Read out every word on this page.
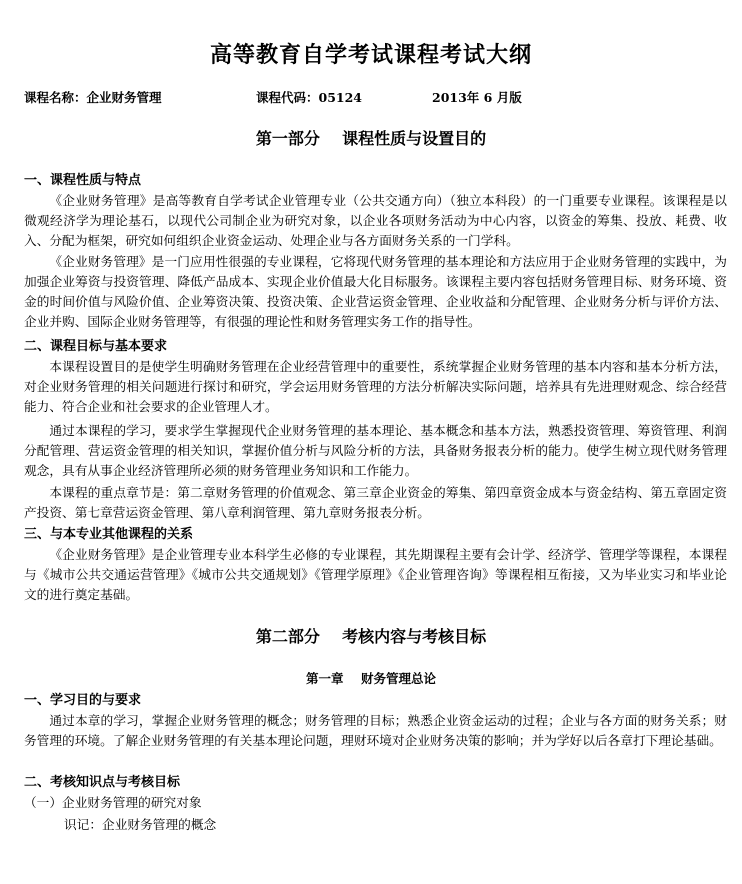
高等教育自学考试课程考试大纲
课程名称：企业财务管理	课程代码：05124	2013年 6 月版
第一部分    课程性质与设置目的
一、课程性质与特点
《企业财务管理》是高等教育自学考试企业管理专业（公共交通方向）（独立本科段）的一门重要专业课程。该课程是以微观经济学为理论基石，以现代公司制企业为研究对象，以企业各项财务活动为中心内容，以资金的筹集、投放、耗费、收入、分配为框架，研究如何组织企业资金运动、处理企业与各方面财务关系的一门学科。
《企业财务管理》是一门应用性很强的专业课程，它将现代财务管理的基本理论和方法应用于企业财务管理的实践中，为加强企业筹资与投资管理、降低产品成本、实现企业价值最大化目标服务。该课程主要内容包括财务管理目标、财务环境、资金的时间价值与风险价值、企业筹资决策、投资决策、企业营运资金管理、企业收益和分配管理、企业财务分析与评价方法、企业并购、国际企业财务管理等，有很强的理论性和财务管理实务工作的指导性。
二、课程目标与基本要求
本课程设置目的是使学生明确财务管理在企业经营管理中的重要性，系统掌握企业财务管理的基本内容和基本分析方法，对企业财务管理的相关问题进行探讨和研究，学会运用财务管理的方法分析解决实际问题，培养具有先进理财观念、综合经营能力、符合企业和社会要求的企业管理人才。
通过本课程的学习，要求学生掌握现代企业财务管理的基本理论、基本概念和基本方法，熟悉投资管理、筹资管理、利润分配管理、营运资金管理的相关知识，掌握价值分析与风险分析的方法，具备财务报表分析的能力。使学生树立现代财务管理观念，具有从事企业经济管理所必须的财务管理业务知识和工作能力。
本课程的重点章节是：第二章财务管理的价值观念、第三章企业资金的筹集、第四章资金成本与资金结构、第五章固定资产投资、第七章营运资金管理、第八章利润管理、第九章财务报表分析。
三、与本专业其他课程的关系
《企业财务管理》是企业管理专业本科学生必修的专业课程，其先期课程主要有会计学、经济学、管理学等课程，本课程与《城市公共交通运营管理》《城市公共交通规划》《管理学原理》《企业管理咨询》等课程相互衔接，又为毕业实习和毕业论文的进行奠定基础。
第二部分    考核内容与考核目标
第一章    财务管理总论
一、学习目的与要求
通过本章的学习，掌握企业财务管理的概念；财务管理的目标；熟悉企业资金运动的过程；企业与各方面的财务关系；财务管理的环境。了解企业财务管理的有关基本理论问题，理财环境对企业财务决策的影响；并为学好以后各章打下理论基础。
二、考核知识点与考核目标
（一）企业财务管理的研究对象
识记：企业财务管理的概念
